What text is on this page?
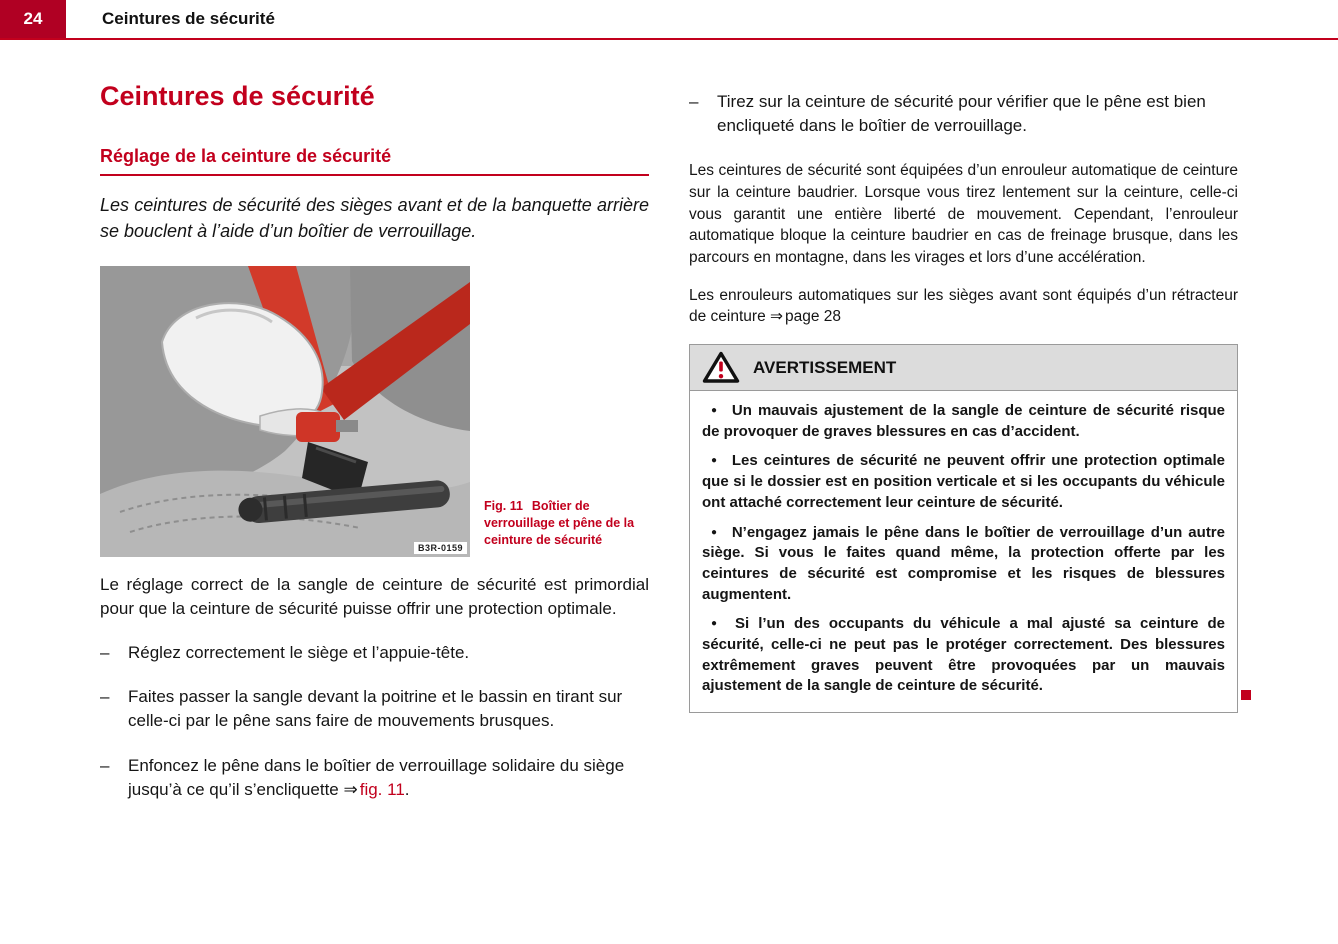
24	Ceintures de sécurité
Ceintures de sécurité
Réglage de la ceinture de sécurité

Les ceintures de sécurité des sièges avant et de la banquette arrière se bouclent à l’aide d’un boîtier de verrouillage.

B3R-0159

Fig. 11 Boîtier de verrouillage et pêne de la ceinture de sécurité

Le réglage correct de la sangle de ceinture de sécurité est primordial pour que la ceinture de sécurité puisse offrir une protection optimale.

–	Réglez correctement le siège et l’appuie-tête.
–	Faites passer la sangle devant la poitrine et le bassin en tirant sur celle-ci par le pêne sans faire de mouvements brusques.
–	Enfoncez le pêne dans le boîtier de verrouillage solidaire du siège jusqu’à ce qu’il s’encliquette ⇒ fig. 11.
–	Tirez sur la ceinture de sécurité pour vérifier que le pêne est bien encliqueté dans le boîtier de verrouillage.

Les ceintures de sécurité sont équipées d’un enrouleur automatique de ceinture sur la ceinture baudrier. Lorsque vous tirez lentement sur la ceinture, celle-ci vous garantit une entière liberté de mouvement. Cependant, l’enrouleur automatique bloque la ceinture baudrier en cas de freinage brusque, dans les parcours en montagne, dans les virages et lors d’une accélération.

Les enrouleurs automatiques sur les sièges avant sont équipés d’un rétracteur de ceinture ⇒ page 28

AVERTISSEMENT

● Un mauvais ajustement de la sangle de ceinture de sécurité risque de provoquer de graves blessures en cas d’accident.

● Les ceintures de sécurité ne peuvent offrir une protection optimale que si le dossier est en position verticale et si les occupants du véhicule ont attaché correctement leur ceinture de sécurité.

● N’engagez jamais le pêne dans le boîtier de verrouillage d’un autre siège. Si vous le faites quand même, la protection offerte par les ceintures de sécurité est compromise et les risques de blessures augmentent.

● Si l’un des occupants du véhicule a mal ajusté sa ceinture de sécurité, celle-ci ne peut pas le protéger correctement. Des blessures extrêmement graves peuvent être provoquées par un mauvais ajustement de la sangle de ceinture de sécurité.
